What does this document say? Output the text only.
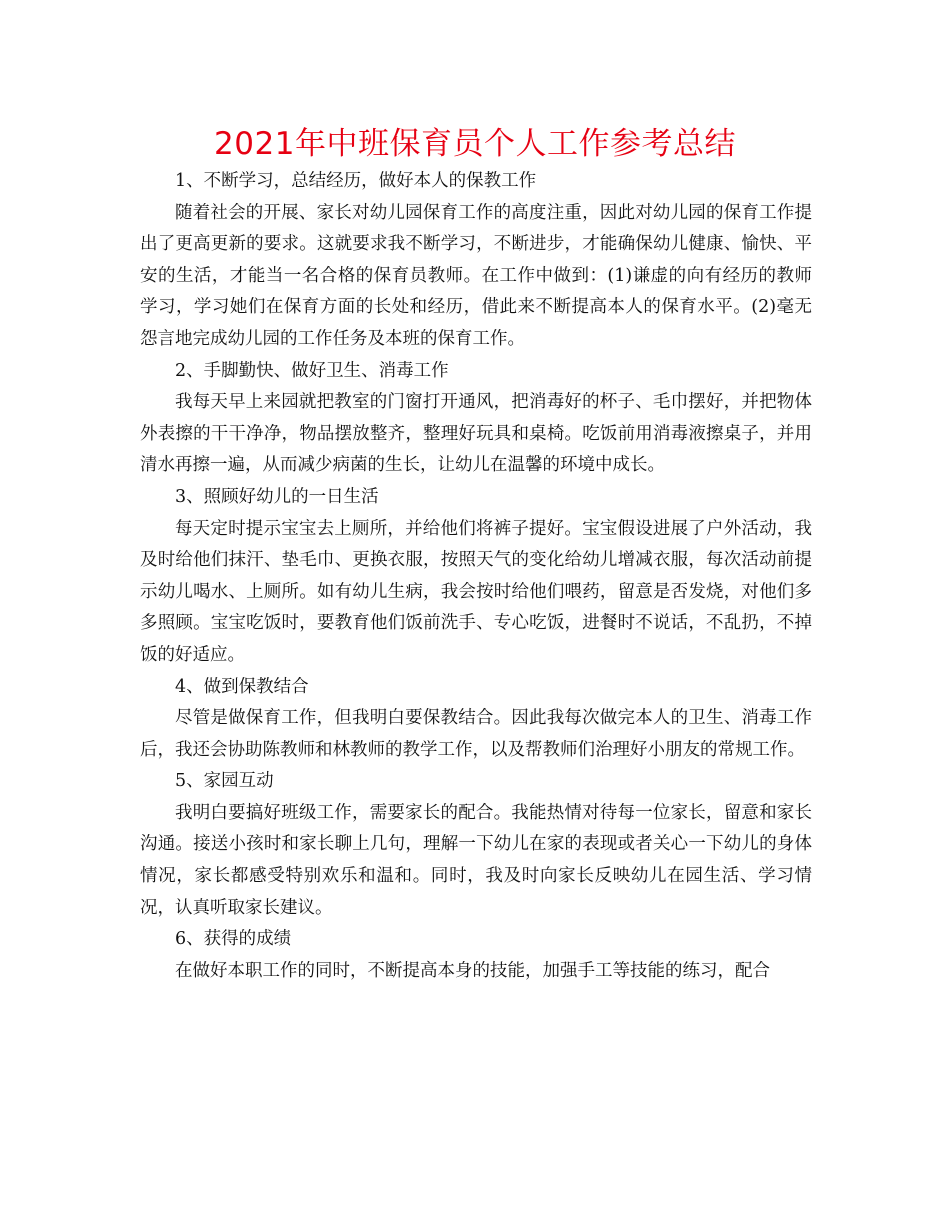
2021年中班保育员个人工作参考总结

1、不断学习，总结经历，做好本人的保教工作

随着社会的开展、家长对幼儿园保育工作的高度注重，因此对幼儿园的保育工作提出了更高更新的要求。这就要求我不断学习，不断进步，才能确保幼儿健康、愉快、平安的生活，才能当一名合格的保育员教师。在工作中做到：(1)谦虚的向有经历的教师学习，学习她们在保育方面的长处和经历，借此来不断提高本人的保育水平。(2)毫无怨言地完成幼儿园的工作任务及本班的保育工作。

2、手脚勤快、做好卫生、消毒工作

我每天早上来园就把教室的门窗打开通风，把消毒好的杯子、毛巾摆好，并把物体外表擦的干干净净，物品摆放整齐，整理好玩具和桌椅。吃饭前用消毒液擦桌子，并用清水再擦一遍，从而减少病菌的生长，让幼儿在温馨的环境中成长。

3、照顾好幼儿的一日生活

每天定时提示宝宝去上厕所，并给他们将裤子提好。宝宝假设进展了户外活动，我及时给他们抹汗、垫毛巾、更换衣服，按照天气的变化给幼儿增减衣服，每次活动前提示幼儿喝水、上厕所。如有幼儿生病，我会按时给他们喂药，留意是否发烧，对他们多多照顾。宝宝吃饭时，要教育他们饭前洗手、专心吃饭，进餐时不说话，不乱扔，不掉饭的好适应。

4、做到保教结合

尽管是做保育工作，但我明白要保教结合。因此我每次做完本人的卫生、消毒工作后，我还会协助陈教师和林教师的教学工作，以及帮教师们治理好小朋友的常规工作。

5、家园互动

我明白要搞好班级工作，需要家长的配合。我能热情对待每一位家长，留意和家长沟通。接送小孩时和家长聊上几句，理解一下幼儿在家的表现或者关心一下幼儿的身体情况，家长都感受特别欢乐和温和。同时，我及时向家长反映幼儿在园生活、学习情况，认真听取家长建议。

6、获得的成绩

在做好本职工作的同时，不断提高本身的技能，加强手工等技能的练习，配合
